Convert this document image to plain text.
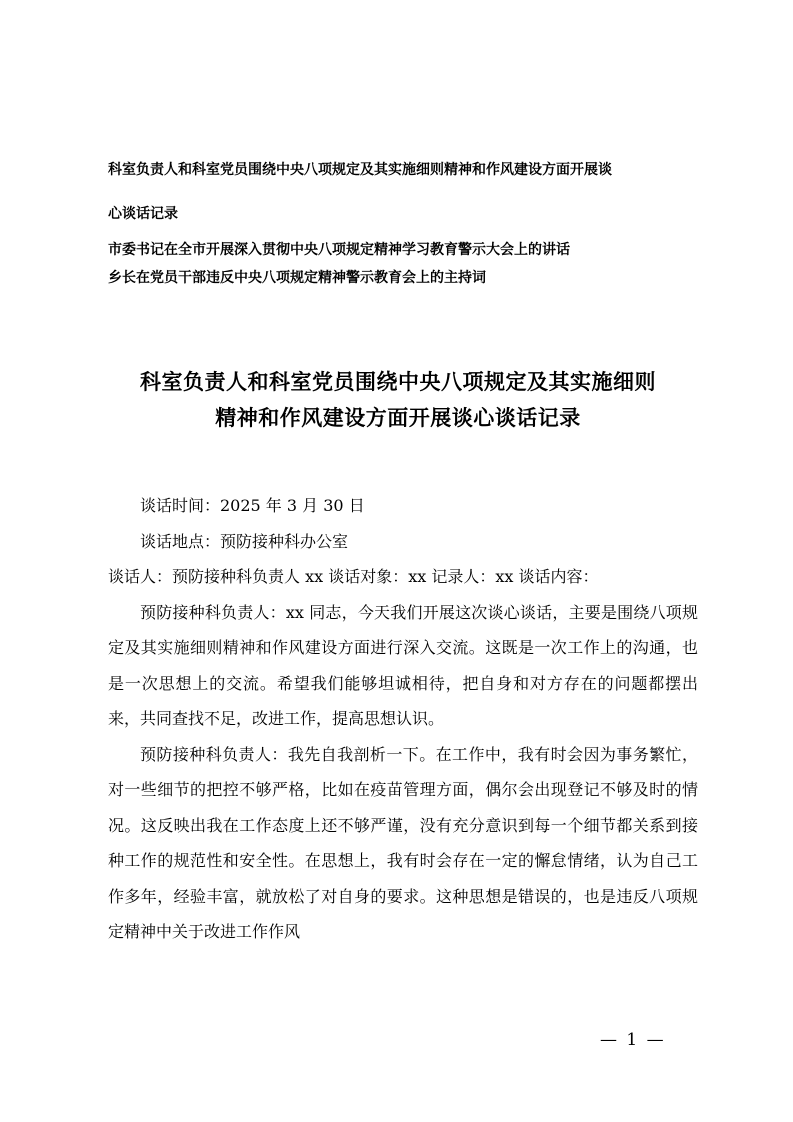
科室负责人和科室党员围绕中央八项规定及其实施细则精神和作风建设方面开展谈
心谈话记录
市委书记在全市开展深入贯彻中央八项规定精神学习教育警示大会上的讲话
乡长在党员干部违反中央八项规定精神警示教育会上的主持词
科室负责人和科室党员围绕中央八项规定及其实施细则
精神和作风建设方面开展谈心谈话记录

谈话时间：2025 年 3 月 30 日

谈话地点：预防接种科办公室

谈话人：预防接种科负责人 xx 谈话对象：xx 记录人：xx 谈话内容：

预防接种科负责人：xx 同志，今天我们开展这次谈心谈话，主要是围绕八项规定及其实施细则精神和作风建设方面进行深入交流。这既是一次工作上的沟通，也是一次思想上的交流。希望我们能够坦诚相待，把自身和对方存在的问题都摆出来，共同查找不足，改进工作，提高思想认识。

预防接种科负责人：我先自我剖析一下。在工作中，我有时会因为事务繁忙，对一些细节的把控不够严格，比如在疫苗管理方面，偶尔会出现登记不够及时的情况。这反映出我在工作态度上还不够严谨，没有充分意识到每一个细节都关系到接种工作的规范性和安全性。在思想上，我有时会存在一定的懈怠情绪，认为自己工作多年，经验丰富，就放松了对自身的要求。这种思想是错误的，也是违反八项规定精神中关于改进工作作风

— 1 —
